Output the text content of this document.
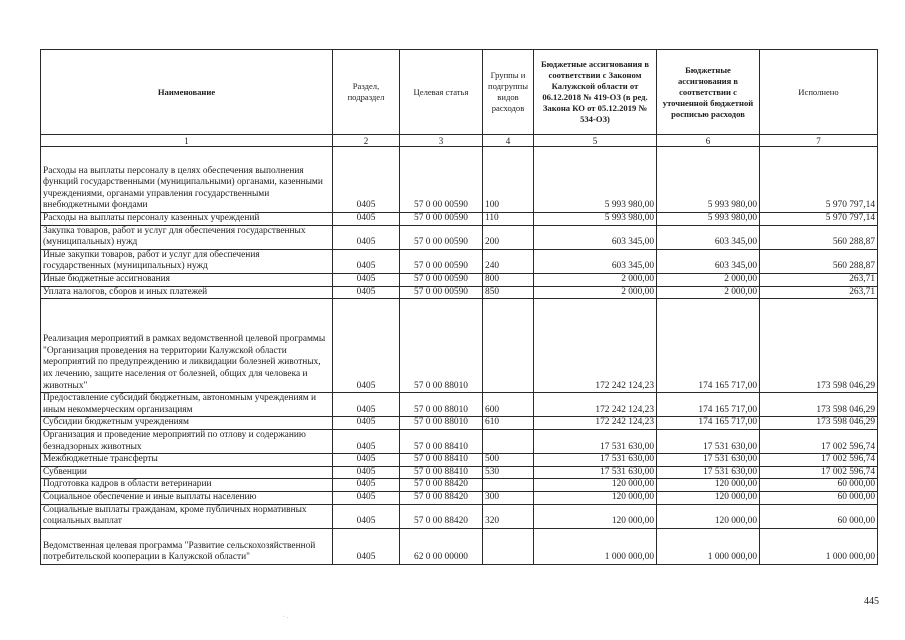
Наименование	Раздел, подраздел	Целевая статья	Группы и подгруппы видов расходов	Бюджетные ассигнования в соответствии с Законом Калужской области от 06.12.2018 № 419-ОЗ (в ред. Закона КО от 05.12.2019 № 534-ОЗ)	Бюджетные ассигнования в соответствии с уточненной бюджетной росписью расходов	Исполнено
1	2	3	4	5	6	7
Расходы на выплаты персоналу в целях обеспечения выполнения функций государственными (муниципальными) органами, казенными учреждениями, органами управления государственными внебюджетными фондами	0405	57 0 00 00590	100	5 993 980,00	5 993 980,00	5 970 797,14
Расходы на выплаты персоналу казенных учреждений	0405	57 0 00 00590	110	5 993 980,00	5 993 980,00	5 970 797,14
Закупка товаров, работ и услуг для обеспечения государственных (муниципальных) нужд	0405	57 0 00 00590	200	603 345,00	603 345,00	560 288,87
Иные закупки товаров, работ и услуг для обеспечения государственных (муниципальных) нужд	0405	57 0 00 00590	240	603 345,00	603 345,00	560 288,87
Иные бюджетные ассигнования	0405	57 0 00 00590	800	2 000,00	2 000,00	263,71
Уплата налогов, сборов и иных платежей	0405	57 0 00 00590	850	2 000,00	2 000,00	263,71
Реализация мероприятий в рамках ведомственной целевой программы "Организация проведения на территории Калужской области мероприятий по предупреждению и ликвидации болезней животных, их лечению, защите населения от болезней, общих для человека и животных"	0405	57 0 00 88010		172 242 124,23	174 165 717,00	173 598 046,29
Предоставление субсидий бюджетным, автономным учреждениям и иным некоммерческим организациям	0405	57 0 00 88010	600	172 242 124,23	174 165 717,00	173 598 046,29
Субсидии бюджетным учреждениям	0405	57 0 00 88010	610	172 242 124,23	174 165 717,00	173 598 046,29
Организация и проведение мероприятий по отлову и содержанию безнадзорных животных	0405	57 0 00 88410		17 531 630,00	17 531 630,00	17 002 596,74
Межбюджетные трансферты	0405	57 0 00 88410	500	17 531 630,00	17 531 630,00	17 002 596,74
Субвенции	0405	57 0 00 88410	530	17 531 630,00	17 531 630,00	17 002 596,74
Подготовка кадров в области ветеринарии	0405	57 0 00 88420		120 000,00	120 000,00	60 000,00
Социальное обеспечение и иные выплаты населению	0405	57 0 00 88420	300	120 000,00	120 000,00	60 000,00
Социальные выплаты гражданам, кроме публичных нормативных социальных выплат	0405	57 0 00 88420	320	120 000,00	120 000,00	60 000,00
Ведомственная целевая программа "Развитие сельскохозяйственной потребительской кооперации в Калужской области"	0405	62 0 00 00000		1 000 000,00	1 000 000,00	1 000 000,00
· .
445
